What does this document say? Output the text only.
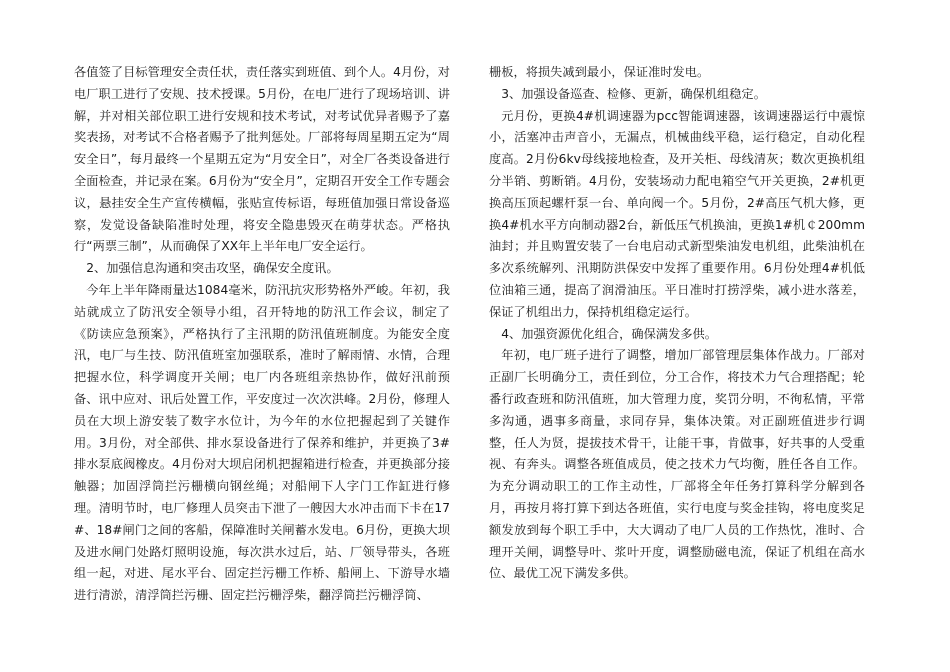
各值签了目标管理安全责任状，责任落实到班值、到个人。4月份，对电厂职工进行了安规、技术授课。5月份，在电厂进行了现场培训、讲解，并对相关部位职工进行安规和技术考试，对考试优异者赐予了嘉奖表扬，对考试不合格者赐予了批判惩处。厂部将每周星期五定为“周安全日”，每月最终一个星期五定为“月安全日”，对全厂各类设备进行全面检查，并记录在案。6月份为“安全月”，定期召开安全工作专题会议，悬挂安全生产宣传横幅，张贴宣传标语，每班值加强日常设备巡察，发觉设备缺陷准时处理，将安全隐患毁灭在萌芽状态。严格执行“两票三制”，从而确保了XX年上半年电厂安全运行。

2、加强信息沟通和突击攻坚，确保安全度讯。

今年上半年降雨量达1084毫米，防汛抗灾形势格外严峻。年初，我站就成立了防汛安全领导小组，召开特地的防汛工作会议，制定了《防读应急预案》，严格执行了主汛期的防汛值班制度。为能安全度汛，电厂与生技、防汛值班室加强联系，准时了解雨情、水情，合理把握水位，科学调度开关闸；电厂内各班组亲热协作，做好汛前预备、讯中应对、讯后处置工作，平安度过一次次洪峰。2月份，修理人员在大坝上游安装了数字水位计，为今年的水位把握起到了关键作用。3月份，对全部供、排水泵设备进行了保养和维护，并更换了3#排水泵底阀橡皮。4月份对大坝启闭机把握箱进行检查，并更换部分接触器；加固浮筒拦污栅横向钢丝绳；对船闸下人字门工作缸进行修理。清明节时，电厂修理人员突击下泄了一艘因大水冲击而下卡在17#、18#闸门之间的客船，保障准时关闸蓄水发电。6月份，更换大坝及进水闸门处路灯照明设施，每次洪水过后，站、厂领导带头，各班组一起，对进、尾水平台、固定拦污栅工作桥、船闸上、下游导水墙进行清淤，清浮筒拦污栅、固定拦污栅浮柴，翻浮筒拦污栅浮筒、

栅板，将损失减到最小，保证准时发电。

3、加强设备巡查、检修、更新，确保机组稳定。

元月份，更换4#机调速器为pcc智能调速器，该调速器运行中震惊小，活塞冲击声音小，无漏点，机械曲线平稳，运行稳定，自动化程度高。2月份6kv母线接地检查，及开关柜、母线清灰；数次更换机组分半销、剪断销。4月份，安装场动力配电箱空气开关更换，2#机更换高压顶起螺杆泵一台、单向阀一个。5月份，2#高压气机大修，更换4#机水平方向制动器2台，新低压气机换油，更换1#机￠200mm油封；并且购置安装了一台电启动式新型柴油发电机组，此柴油机在多次系统解列、汛期防洪保安中发挥了重要作用。6月份处理4#机低位油箱三通，提高了润滑油压。平日准时打捞浮柴，减小进水落差，保证了机组出力，保持机组稳定运行。

4、加强资源优化组合，确保满发多供。

年初，电厂班子进行了调整，增加厂部管理层集体作战力。厂部对正副厂长明确分工，责任到位，分工合作，将技术力气合理搭配；轮番行政查班和防汛值班，加大管理力度，奖罚分明，不徇私情，平常多沟通，遇事多商量，求同存异，集体决策。对正副班值进步行调整，任人为贤，提拔技术骨干，让能干事，肯做事，好共事的人受重视、有奔头。调整各班值成员，使之技术力气均衡，胜任各自工作。为充分调动职工的工作主动性，厂部将全年任务打算科学分解到各月，再按月将打算下到达各班值，实行电度与奖金挂钩，将电度奖足额发放到每个职工手中，大大调动了电厂人员的工作热忱，准时、合理开关闸，调整导叶、浆叶开度，调整励磁电流，保证了机组在高水位、最优工况下满发多供。
